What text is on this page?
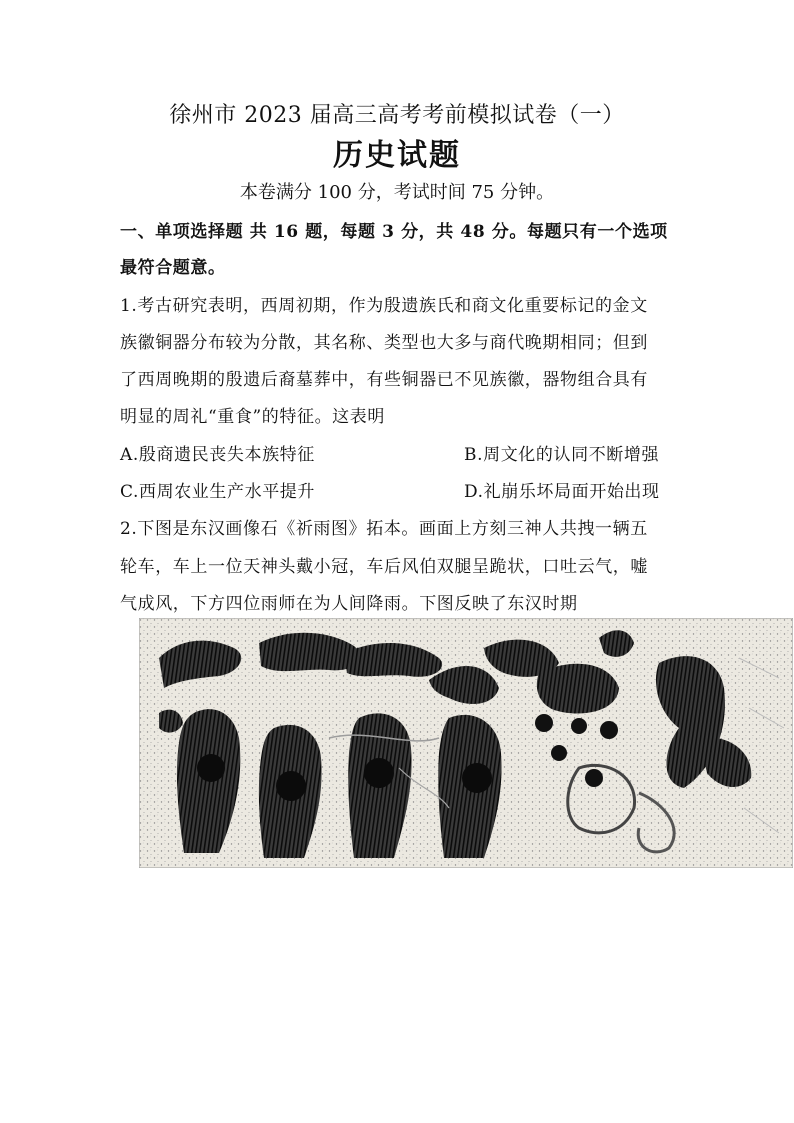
徐州市 2023 届高三高考考前模拟试卷（一）
历史试题
本卷满分 100 分，考试时间 75 分钟。
一、单项选择题 共 16 题，每题 3 分，共 48 分。每题只有一个选项
最符合题意。
1.考古研究表明，西周初期，作为殷遗族氏和商文化重要标记的金文
族徽铜器分布较为分散，其名称、类型也大多与商代晚期相同；但到
了西周晚期的殷遗后裔墓葬中，有些铜器已不见族徽，器物组合具有
明显的周礼“重食”的特征。这表明
A.殷商遗民丧失本族特征	B.周文化的认同不断增强
C.西周农业生产水平提升	D.礼崩乐坏局面开始出现
2.下图是东汉画像石《祈雨图》拓本。画面上方刻三神人共拽一辆五
轮车，车上一位天神头戴小冠，车后风伯双腿呈跪状，口吐云气，嘘
气成风，下方四位雨师在为人间降雨。下图反映了东汉时期
